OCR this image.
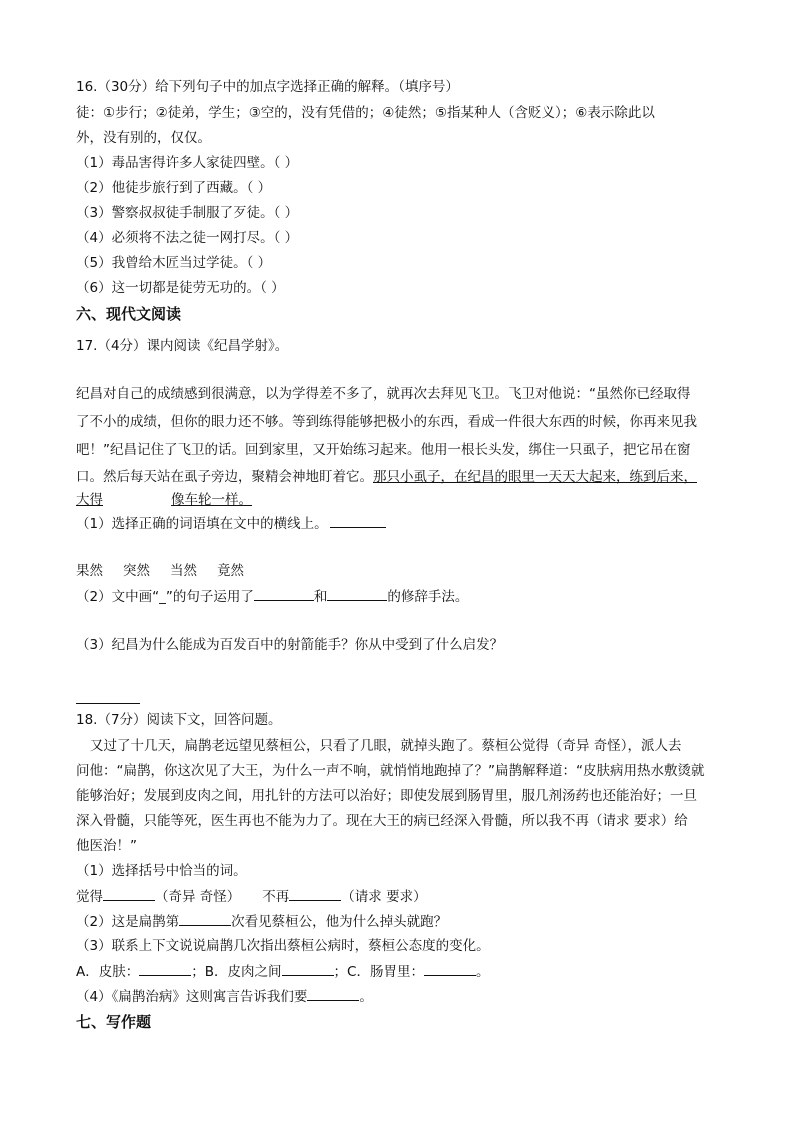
16.（30分）给下列句子中的加点字选择正确的解释。（填序号）
徒：①步行；②徒弟，学生；③空的，没有凭借的；④徒然；⑤指某种人（含贬义）；⑥表示除此以
外，没有别的，仅仅。
（1）毒品害得许多人家徒四壁。（ ）
（2）他徒步旅行到了西藏。（ ）
（3）警察叔叔徒手制服了歹徒。（ ）
（4）必须将不法之徒一网打尽。（ ）
（5）我曾给木匠当过学徒。（ ）
（6）这一切都是徒劳无功的。（ ）
六、现代文阅读
17.（4分）课内阅读《纪昌学射》。
纪昌对自己的成绩感到很满意，以为学得差不多了，就再次去拜见飞卫。飞卫对他说：“虽然你已经取得
了不小的成绩，但你的眼力还不够。等到练得能够把极小的东西，看成一件很大东西的时候，你再来见我
吧！”纪昌记住了飞卫的话。回到家里，又开始练习起来。他用一根长头发，绑住一只虱子，把它吊在窗
口。然后每天站在虱子旁边，聚精会神地盯着它。那只小虱子，在纪昌的眼里一天天大起来，练到后来，
大得	像车轮一样。
（1）选择正确的词语填在文中的横线上。
果然 突然 当然 竟然
（2）文中画“_”的句子运用了	和	的修辞手法。
（3）纪昌为什么能成为百发百中的射箭能手？你从中受到了什么启发？
18.（7分）阅读下文，回答问题。
又过了十几天，扁鹊老远望见蔡桓公，只看了几眼，就掉头跑了。蔡桓公觉得（奇异 奇怪），派人去
问他：“扁鹊，你这次见了大王，为什么一声不响，就悄悄地跑掉了？”扁鹊解释道：“皮肤病用热水敷烫就
能够治好；发展到皮肉之间，用扎针的方法可以治好；即使发展到肠胃里，服几剂汤药也还能治好；一旦
深入骨髓，只能等死，医生再也不能为力了。现在大王的病已经深入骨髓，所以我不再（请求 要求）给
他医治！”
（1）选择括号中恰当的词。
觉得	（奇异 奇怪） 不再	（请求 要求）
（2）这是扁鹊第	次看见蔡桓公，他为什么掉头就跑？
（3）联系上下文说说扁鹊几次指出蔡桓公病时，蔡桓公态度的变化。
A．皮肤：	；B．皮肉之间	；C．肠胃里：	。
（4）《扁鹊治病》这则寓言告诉我们要	。
七、写作题
